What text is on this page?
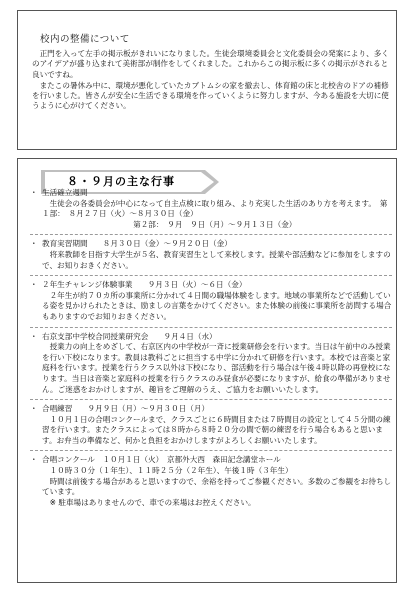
校内の整備について

　正門を入って左手の掲示板がきれいになりました。生徒会環境委員会と文化委員会の発案により、多くのアイデアが盛り込まれて美術部が制作をしてくれました。これからこの掲示板に多くの掲示がされると良いですね。

　またこの暑休み中に、環境が悪化していたカブトムシの家を撤去し、体育館の床と北校舎のドアの補修を行いました。皆さんが安全に生活できる環境を作っていくように努力しますが、今ある施設を大切に使うように心がけてください。

８・９月の主な行事
・ 生活確立週間
　生徒会の各委員会が中心になって自主点検に取り組み、より充実した生活のあり方を考えます。　第１部：　８月２７日（火）～８月３０日（金）
　　　　　　　　　　　　第２部：　９月　９日（月）～９月１３日（金）
・ 教育実習期間　　８月３０日（金）～９月２０日（金）
　将来教師を目指す大学生が５名、教育実習生として来校します。授業や部活動などに参加をしますので、お知りおきください。
・ ２年生チャレンジ体験事業　　９月３日（火）～６日（金）
　２年生が約７０カ所の事業所に分かれて４日間の職場体験をします。地域の事業所などで活動している姿を見かけられたときは、励ましの言葉をかけてください。また体験の前後に事業所を訪問する場合もありますのでお知りおきください。
・ 右京支部中学校合同授業研究会　　９月４日（水）
　授業力の向上をめざして、右京区内の中学校が一斉に授業研修会を行います。当日は午前中のみ授業を行い下校になります。教員は教科ごとに担当する中学に分かれて研修を行います。本校では音楽と家庭科を行います。授業を行うクラス以外は下校になり、部活動を行う場合は午後４時以降の再登校になります。当日は音楽と家庭科の授業を行うクラスのみ昼食が必要になりますが、給食の準備がありません。ご迷惑をおかけしますが、趣旨をご理解のうえ、ご協力をお願いいたします。
・ 合唱練習　　９月９日（月）～９月３０日（月）
　１０月１日の合唱コンクールまで、クラスごとに６時間目または７時間目の設定として４５分間の練習を行います。またクラスによっては８時から８時２０分の間で朝の練習を行う場合もあると思います。お弁当の準備など、何かと負担をおかけしますがよろしくお願いいたします。
・ 合唱コンクール　１０月１日（火）　京都外大西　森田記念講堂ホール
　１０時３０分（１年生）、１１時２５分（２年生）、午後１時（３年生）
　時間は前後する場合があると思いますので、余裕を持ってご参観ください。多数のご参観をお待ちしています。
　※ 駐車場はありませんので、車での来場はお控えください。
